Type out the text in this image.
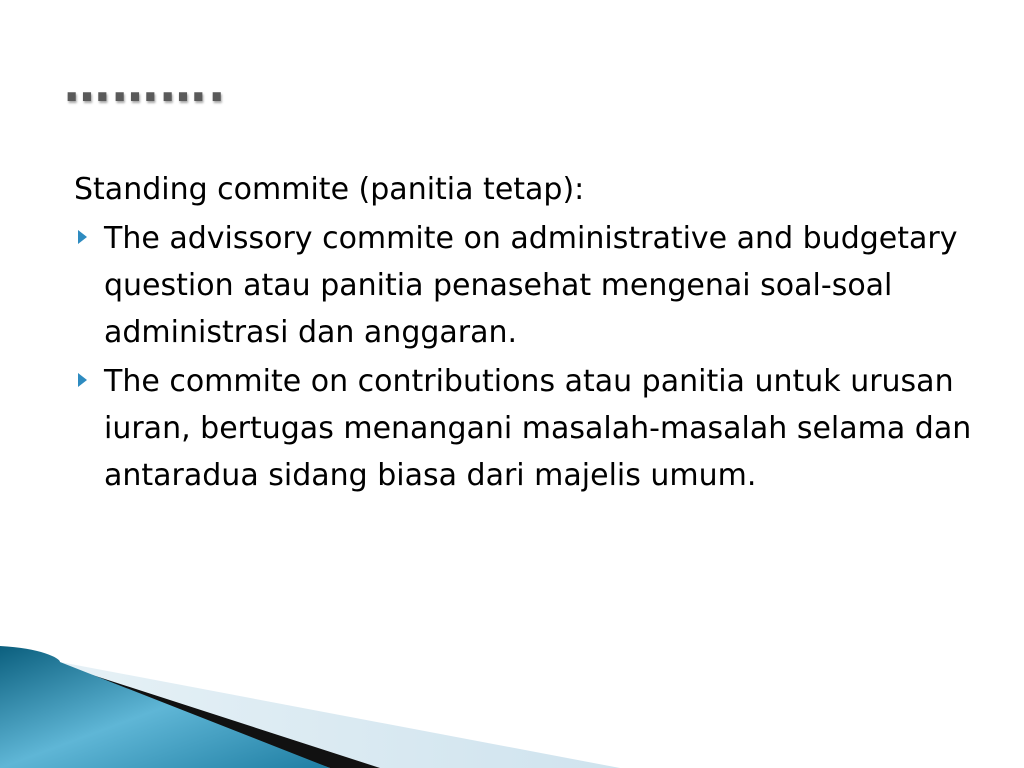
……….

Standing commite (panitia tetap):

The advissory commite on administrative and budgetary question atau panitia penasehat mengenai soal-soal administrasi dan anggaran.
The commite on contributions atau panitia untuk urusan iuran, bertugas menangani masalah-masalah selama dan antaradua sidang biasa dari majelis umum.
